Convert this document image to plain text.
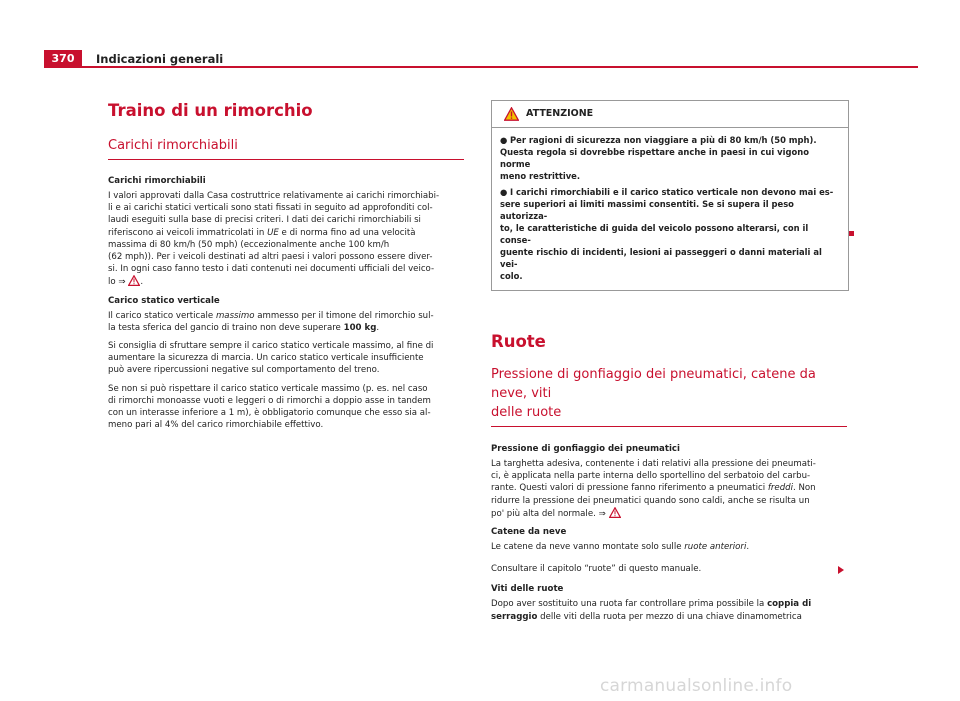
370	Indicazioni generali
Traino di un rimorchio
Carichi rimorchiabili

Carichi rimorchiabili

I valori approvati dalla Casa costruttrice relativamente ai carichi rimorchiabi-
li e ai carichi statici verticali sono stati fissati in seguito ad approfonditi col-
laudi eseguiti sulla base di precisi criteri. I dati dei carichi rimorchiabili si
riferiscono ai veicoli immatricolati in UE e di norma fino ad una velocità
massima di 80 km/h (50 mph) (eccezionalmente anche 100 km/h
(62 mph)). Per i veicoli destinati ad altri paesi i valori possono essere diver-
si. In ogni caso fanno testo i dati contenuti nei documenti ufficiali del veico-
lo ⇒ .

Carico statico verticale

Il carico statico verticale massimo ammesso per il timone del rimorchio sul-
la testa sferica del gancio di traino non deve superare 100 kg.

Si consiglia di sfruttare sempre il carico statico verticale massimo, al fine di
aumentare la sicurezza di marcia. Un carico statico verticale insufficiente
può avere ripercussioni negative sul comportamento del treno.

Se non si può rispettare il carico statico verticale massimo (p. es. nel caso
di rimorchi monoasse vuoti e leggeri o di rimorchi a doppio asse in tandem
con un interasse inferiore a 1 m), è obbligatorio comunque che esso sia al-
meno pari al 4% del carico rimorchiabile effettivo.

ATTENZIONE

● Per ragioni di sicurezza non viaggiare a più di 80 km/h (50 mph).
Questa regola si dovrebbe rispettare anche in paesi in cui vigono norme
meno restrittive.

● I carichi rimorchiabili e il carico statico verticale non devono mai es-
sere superiori ai limiti massimi consentiti. Se si supera il peso autorizza-
to, le caratteristiche di guida del veicolo possono alterarsi, con il conse-
guente rischio di incidenti, lesioni ai passeggeri o danni materiali al vei-
colo.

Ruote
Pressione di gonfiaggio dei pneumatici, catene da neve, viti
delle ruote

Pressione di gonfiaggio dei pneumatici

La targhetta adesiva, contenente i dati relativi alla pressione dei pneumati-
ci, è applicata nella parte interna dello sportellino del serbatoio del carbu-
rante. Questi valori di pressione fanno riferimento a pneumatici freddi. Non
ridurre la pressione dei pneumatici quando sono caldi, anche se risulta un
po' più alta del normale. ⇒

Catene da neve

Le catene da neve vanno montate solo sulle ruote anteriori.

Consultare il capitolo “ruote” di questo manuale.

Viti delle ruote

Dopo aver sostituito una ruota far controllare prima possibile la coppia di
serraggio delle viti della ruota per mezzo di una chiave dinamometrica

carmanualsonline.info
